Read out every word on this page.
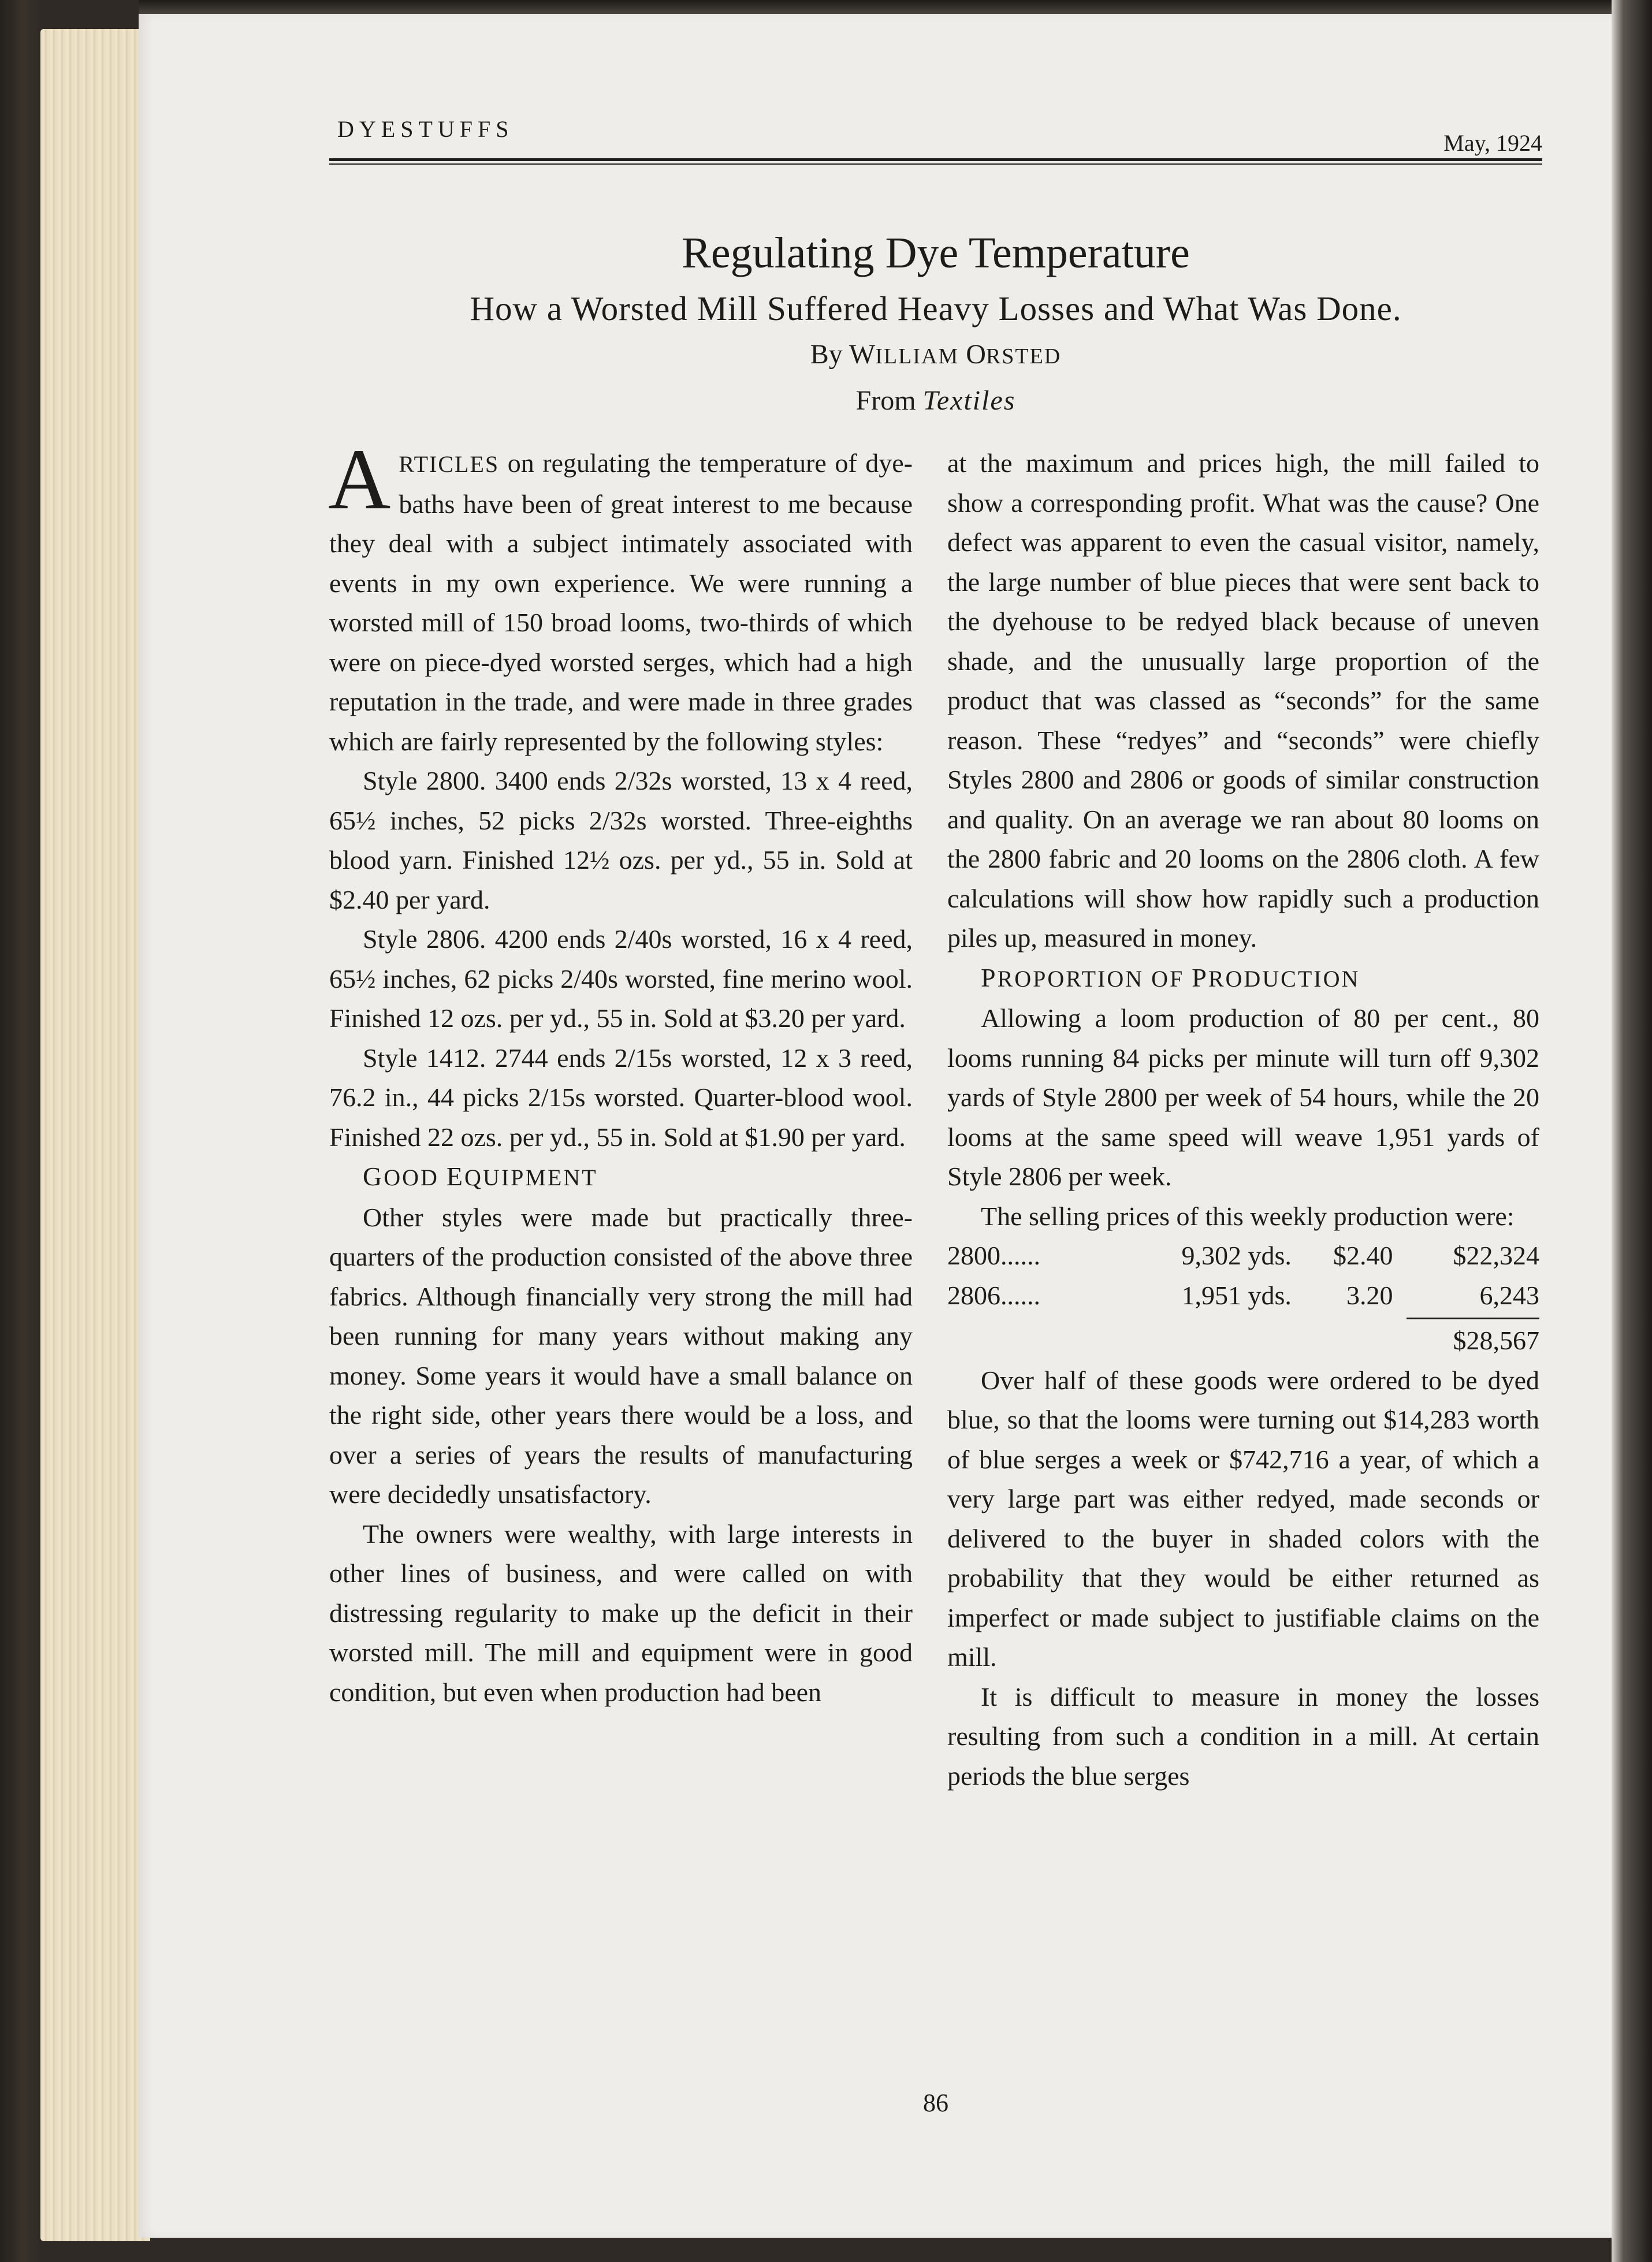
DYESTUFFS
May, 1924
Regulating Dye Temperature
How a Worsted Mill Suffered Heavy Losses and What Was Done.
By WILLIAM ORSTED
From Textiles

ARTICLES on regulating the temperature of dye-baths have been of great interest to me because they deal with a subject intimately associated with events in my own experience. We were running a worsted mill of 150 broad looms, two-thirds of which were on piece-dyed worsted serges, which had a high reputation in the trade, and were made in three grades which are fairly represented by the following styles:

Style 2800. 3400 ends 2/32s worsted, 13 x 4 reed, 65½ inches, 52 picks 2/32s worsted. Three-eighths blood yarn. Finished 12½ ozs. per yd., 55 in. Sold at $2.40 per yard.

Style 2806. 4200 ends 2/40s worsted, 16 x 4 reed, 65½ inches, 62 picks 2/40s worsted, fine merino wool. Finished 12 ozs. per yd., 55 in. Sold at $3.20 per yard.

Style 1412. 2744 ends 2/15s worsted, 12 x 3 reed, 76.2 in., 44 picks 2/15s worsted. Quarter-blood wool. Finished 22 ozs. per yd., 55 in. Sold at $1.90 per yard.

GOOD EQUIPMENT

Other styles were made but practically three-quarters of the production consisted of the above three fabrics. Although financially very strong the mill had been running for many years without making any money. Some years it would have a small balance on the right side, other years there would be a loss, and over a series of years the results of manufacturing were decidedly unsatisfactory.

The owners were wealthy, with large interests in other lines of business, and were called on with distressing regularity to make up the deficit in their worsted mill. The mill and equipment were in good condition, but even when production had been

at the maximum and prices high, the mill failed to show a corresponding profit. What was the cause? One defect was apparent to even the casual visitor, namely, the large number of blue pieces that were sent back to the dyehouse to be redyed black because of uneven shade, and the unusually large proportion of the product that was classed as “seconds” for the same reason. These “redyes” and “seconds” were chiefly Styles 2800 and 2806 or goods of similar construction and quality. On an average we ran about 80 looms on the 2800 fabric and 20 looms on the 2806 cloth. A few calculations will show how rapidly such a production piles up, measured in money.

PROPORTION OF PRODUCTION

Allowing a loom production of 80 per cent., 80 looms running 84 picks per minute will turn off 9,302 yards of Style 2800 per week of 54 hours, while the 20 looms at the same speed will weave 1,951 yards of Style 2806 per week.

The selling prices of this weekly production were:

2800......	9,302 yds.	$2.40	$22,324
2806......	1,951 yds.	3.20	6,243

			$28,567

Over half of these goods were ordered to be dyed blue, so that the looms were turning out $14,283 worth of blue serges a week or $742,716 a year, of which a very large part was either redyed, made seconds or delivered to the buyer in shaded colors with the probability that they would be either returned as imperfect or made subject to justifiable claims on the mill.

It is difficult to measure in money the losses resulting from such a condition in a mill. At certain periods the blue serges

86
